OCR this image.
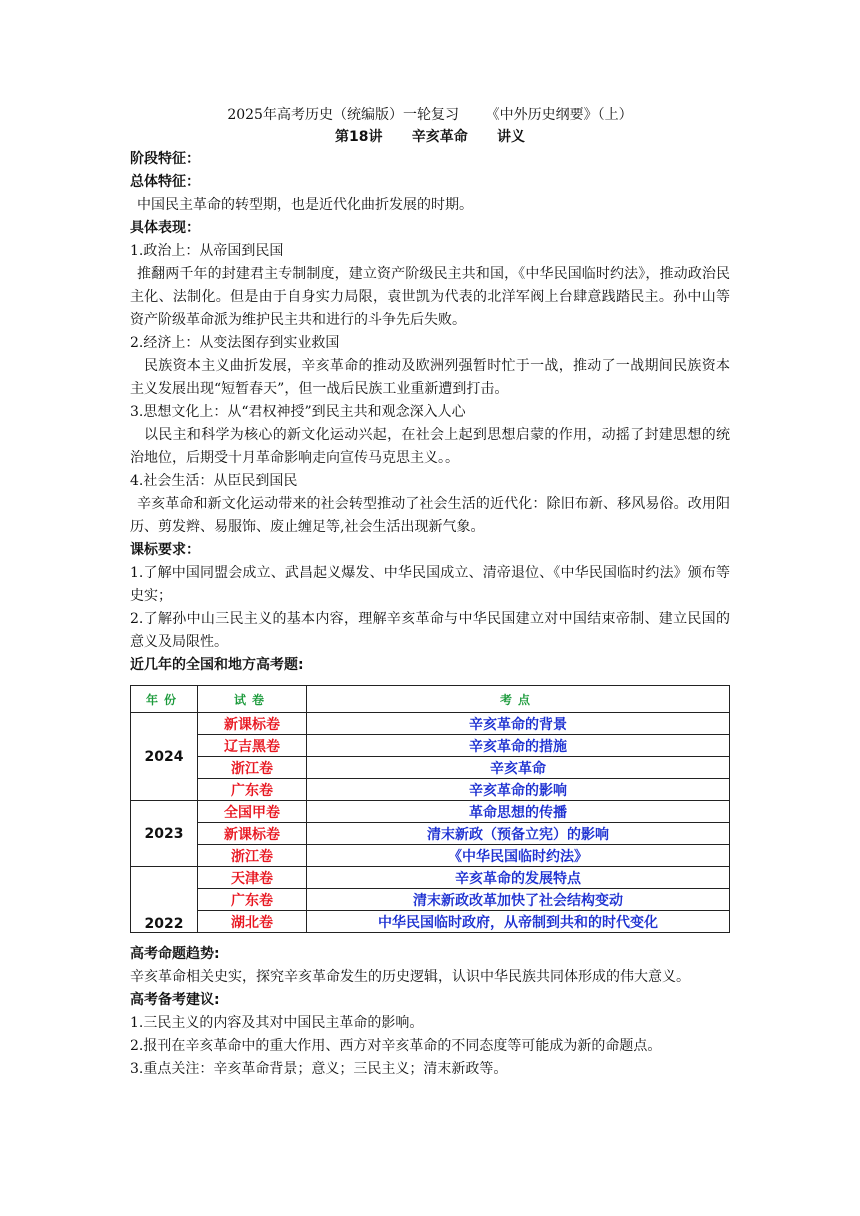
2025年高考历史（统编版）一轮复习 《中外历史纲要》（上）
第18讲 辛亥革命 讲义
阶段特征：
总体特征：
中国民主革命的转型期，也是近代化曲折发展的时期。
具体表现：
1.政治上：从帝国到民国
推翻两千年的封建君主专制制度，建立资产阶级民主共和国，《中华民国临时约法》，推动政治民主化、法制化。但是由于自身实力局限，袁世凯为代表的北洋军阀上台肆意践踏民主。孙中山等资产阶级革命派为维护民主共和进行的斗争先后失败。
2.经济上：从变法图存到实业救国
民族资本主义曲折发展，辛亥革命的推动及欧洲列强暂时忙于一战，推动了一战期间民族资本主义发展出现“短暂春天”，但一战后民族工业重新遭到打击。
3.思想文化上：从“君权神授”到民主共和观念深入人心
以民主和科学为核心的新文化运动兴起，在社会上起到思想启蒙的作用，动摇了封建思想的统治地位，后期受十月革命影响走向宣传马克思主义。。
4.社会生活：从臣民到国民
辛亥革命和新文化运动带来的社会转型推动了社会生活的近代化：除旧布新、移风易俗。改用阳历、剪发辫、易服饰、废止缠足等,社会生活出现新气象。
课标要求：
1.了解中国同盟会成立、武昌起义爆发、中华民国成立、清帝退位、《中华民国临时约法》颁布等史实；
2.了解孙中山三民主义的基本内容，理解辛亥革命与中华民国建立对中国结束帝制、建立民国的意义及局限性。
近几年的全国和地方高考题:
年份	试卷	考点
2024	新课标卷	辛亥革命的背景
	辽吉黑卷	辛亥革命的措施
	浙江卷	辛亥革命
	广东卷	辛亥革命的影响
2023	全国甲卷	革命思想的传播
	新课标卷	清末新政（预备立宪）的影响
	浙江卷	《中华民国临时约法》
2022	天津卷	辛亥革命的发展特点
	广东卷	清末新政改革加快了社会结构变动
	湖北卷	中华民国临时政府，从帝制到共和的时代变化
高考命题趋势:
辛亥革命相关史实，探究辛亥革命发生的历史逻辑，认识中华民族共同体形成的伟大意义。
高考备考建议:
1.三民主义的内容及其对中国民主革命的影响。
2.报刊在辛亥革命中的重大作用、西方对辛亥革命的不同态度等可能成为新的命题点。
3.重点关注：辛亥革命背景；意义；三民主义；清末新政等。
